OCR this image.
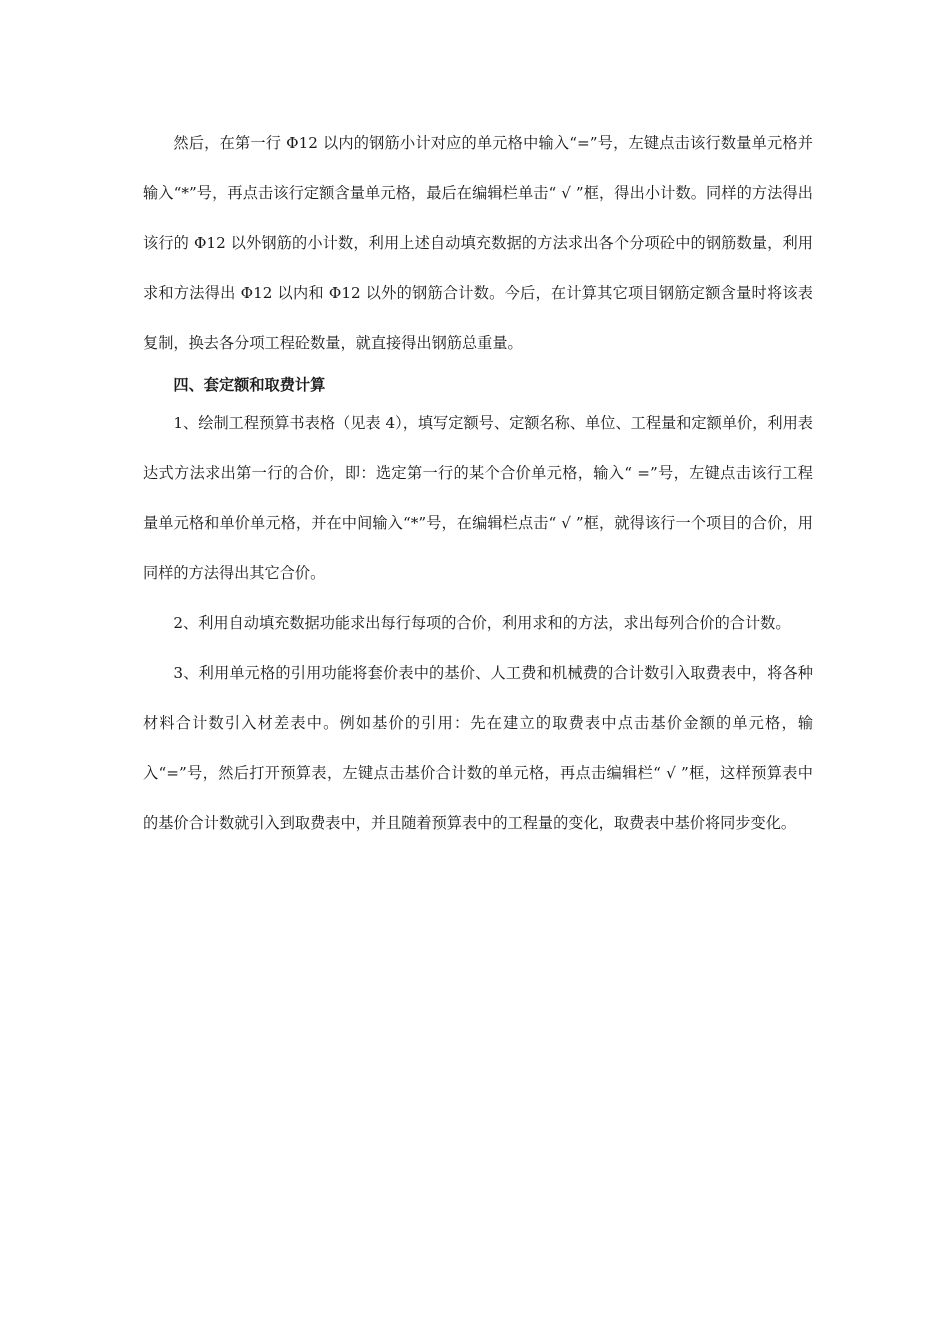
然后，在第一行 Φ12 以内的钢筋小计对应的单元格中输入“=”号，左键点击该行数量单元格并输入“*”号，再点击该行定额含量单元格，最后在编辑栏单击“ √ ”框，得出小计数。同样的方法得出该行的 Φ12 以外钢筋的小计数，利用上述自动填充数据的方法求出各个分项砼中的钢筋数量，利用求和方法得出 Φ12 以内和 Φ12 以外的钢筋合计数。今后，在计算其它项目钢筋定额含量时将该表复制，换去各分项工程砼数量，就直接得出钢筋总重量。

四、套定额和取费计算

1、绘制工程预算书表格（见表 4），填写定额号、定额名称、单位、工程量和定额单价，利用表达式方法求出第一行的合价，即：选定第一行的某个合价单元格，输入“ =”号，左键点击该行工程量单元格和单价单元格，并在中间输入“*”号，在编辑栏点击“ √ ”框，就得该行一个项目的合价，用同样的方法得出其它合价。

2、利用自动填充数据功能求出每行每项的合价，利用求和的方法，求出每列合价的合计数。

3、利用单元格的引用功能将套价表中的基价、人工费和机械费的合计数引入取费表中，将各种材料合计数引入材差表中。例如基价的引用：先在建立的取费表中点击基价金额的单元格，输入“=”号，然后打开预算表，左键点击基价合计数的单元格，再点击编辑栏“ √ ”框，这样预算表中的基价合计数就引入到取费表中，并且随着预算表中的工程量的变化，取费表中基价将同步变化。
